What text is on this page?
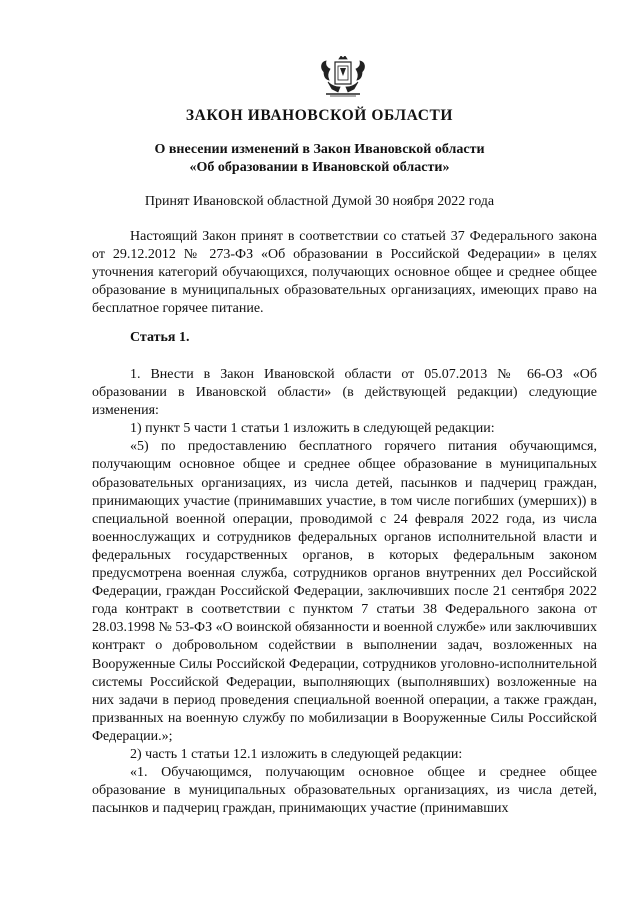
ЗАКОН ИВАНОВСКОЙ ОБЛАСТИ
О внесении изменений в Закон Ивановской области
«Об образовании в Ивановской области»
Принят Ивановской областной Думой 30 ноября 2022 года

Настоящий Закон принят в соответствии со статьей 37 Федерального закона от 29.12.2012 № 273-ФЗ «Об образовании в Российской Федерации» в целях уточнения категорий обучающихся, получающих основное общее и среднее общее образование в муниципальных образовательных организациях, имеющих право на бесплатное горячее питание.

Статья 1.

1. Внести в Закон Ивановской области от 05.07.2013 № 66-ОЗ «Об образовании в Ивановской области» (в действующей редакции) следующие изменения:

1) пункт 5 части 1 статьи 1 изложить в следующей редакции:

«5) по предоставлению бесплатного горячего питания обучающимся, получающим основное общее и среднее общее образование в муниципальных образовательных организациях, из числа детей, пасынков и падчериц граждан, принимающих участие (принимавших участие, в том числе погибших (умерших)) в специальной военной операции, проводимой с 24 февраля 2022 года, из числа военнослужащих и сотрудников федеральных органов исполнительной власти и федеральных государственных органов, в которых федеральным законом предусмотрена военная служба, сотрудников органов внутренних дел Российской Федерации, граждан Российской Федерации, заключивших после 21 сентября 2022 года контракт в соответствии с пунктом 7 статьи 38 Федерального закона от 28.03.1998 № 53-ФЗ «О воинской обязанности и военной службе» или заключивших контракт о добровольном содействии в выполнении задач, возложенных на Вооруженные Силы Российской Федерации, сотрудников уголовно-исполнительной системы Российской Федерации, выполняющих (выполнявших) возложенные на них задачи в период проведения специальной военной операции, а также граждан, призванных на военную службу по мобилизации в Вооруженные Силы Российской Федерации.»;

2) часть 1 статьи 12.1 изложить в следующей редакции:

«1. Обучающимся, получающим основное общее и среднее общее образование в муниципальных образовательных организациях, из числа детей, пасынков и падчериц граждан, принимающих участие (принимавших
